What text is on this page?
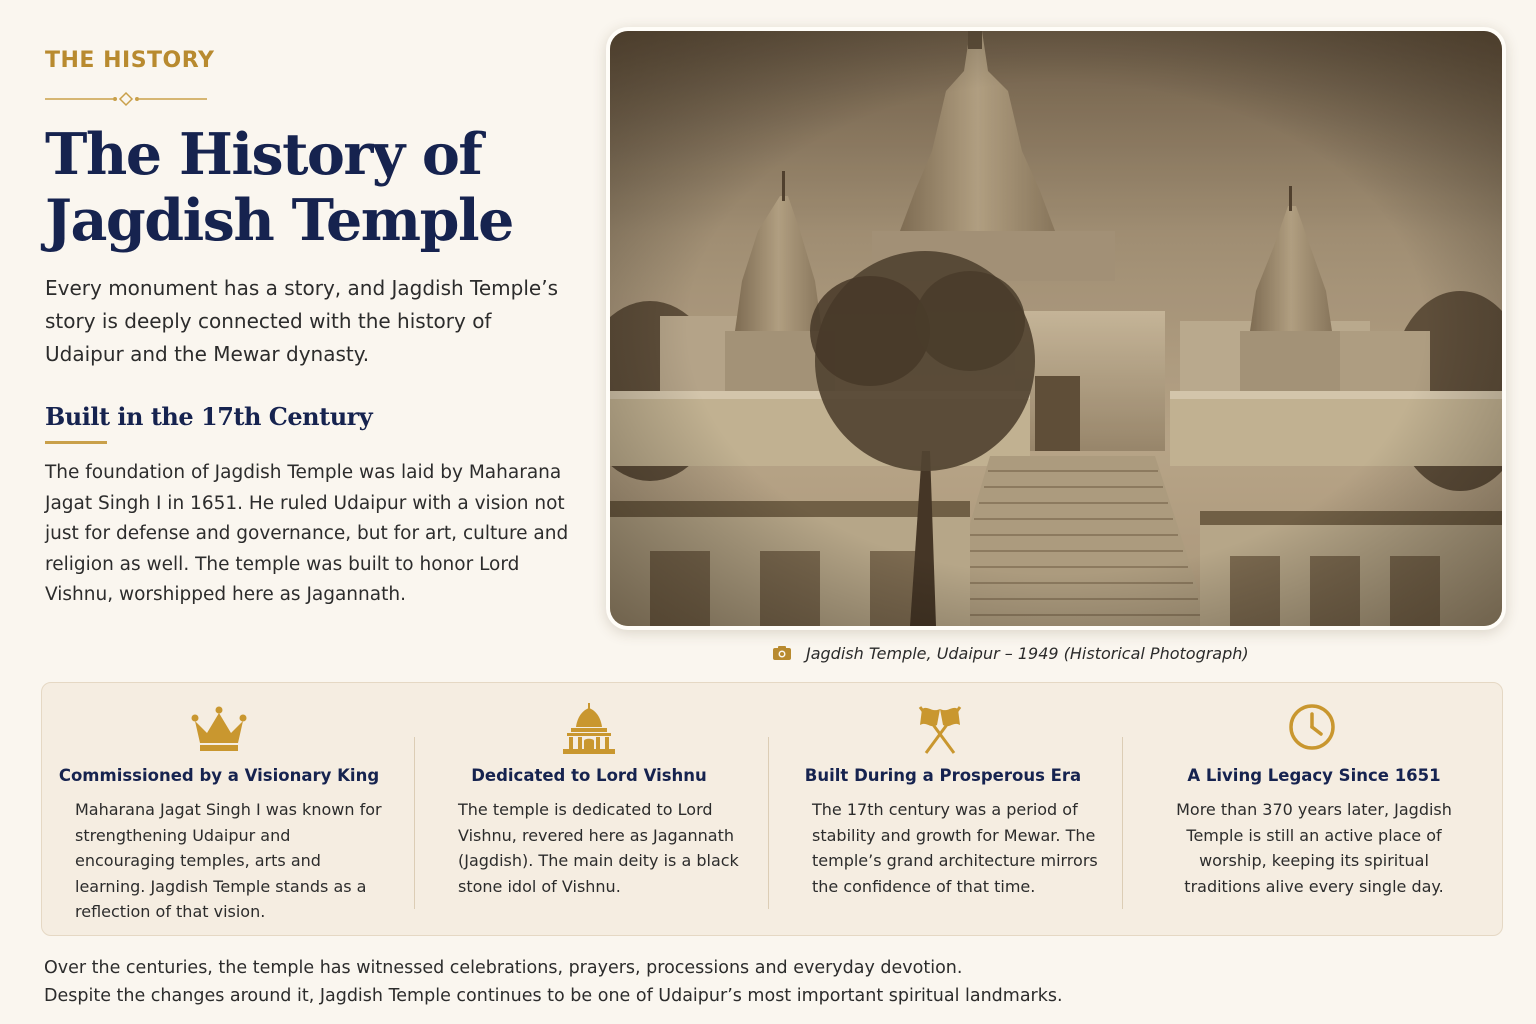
THE HISTORY
The History of Jagdish Temple

Every monument has a story, and Jagdish Temple’s story is deeply connected with the history of Udaipur and the Mewar dynasty.

Built in the 17th Century

The foundation of Jagdish Temple was laid by Maharana Jagat Singh I in 1651. He ruled Udaipur with a vision not just for defense and governance, but for art, culture and religion as well. The temple was built to honor Lord Vishnu, worshipped here as Jagannath.

Jagdish Temple, Udaipur – 1949 (Historical Photograph)
Commissioned by a Visionary King
Maharana Jagat Singh I was known for strengthening Udaipur and encouraging temples, arts and learning. Jagdish Temple stands as a reflection of that vision.
Dedicated to Lord Vishnu
The temple is dedicated to Lord Vishnu, revered here as Jagannath (Jagdish). The main deity is a black stone idol of Vishnu.
Built During a Prosperous Era
The 17th century was a period of stability and growth for Mewar. The temple’s grand architecture mirrors the confidence of that time.
A Living Legacy Since 1651
More than 370 years later, Jagdish Temple is still an active place of worship, keeping its spiritual traditions alive every single day.
Over the centuries, the temple has witnessed celebrations, prayers, processions and everyday devotion.
Despite the changes around it, Jagdish Temple continues to be one of Udaipur’s most important spiritual landmarks.
